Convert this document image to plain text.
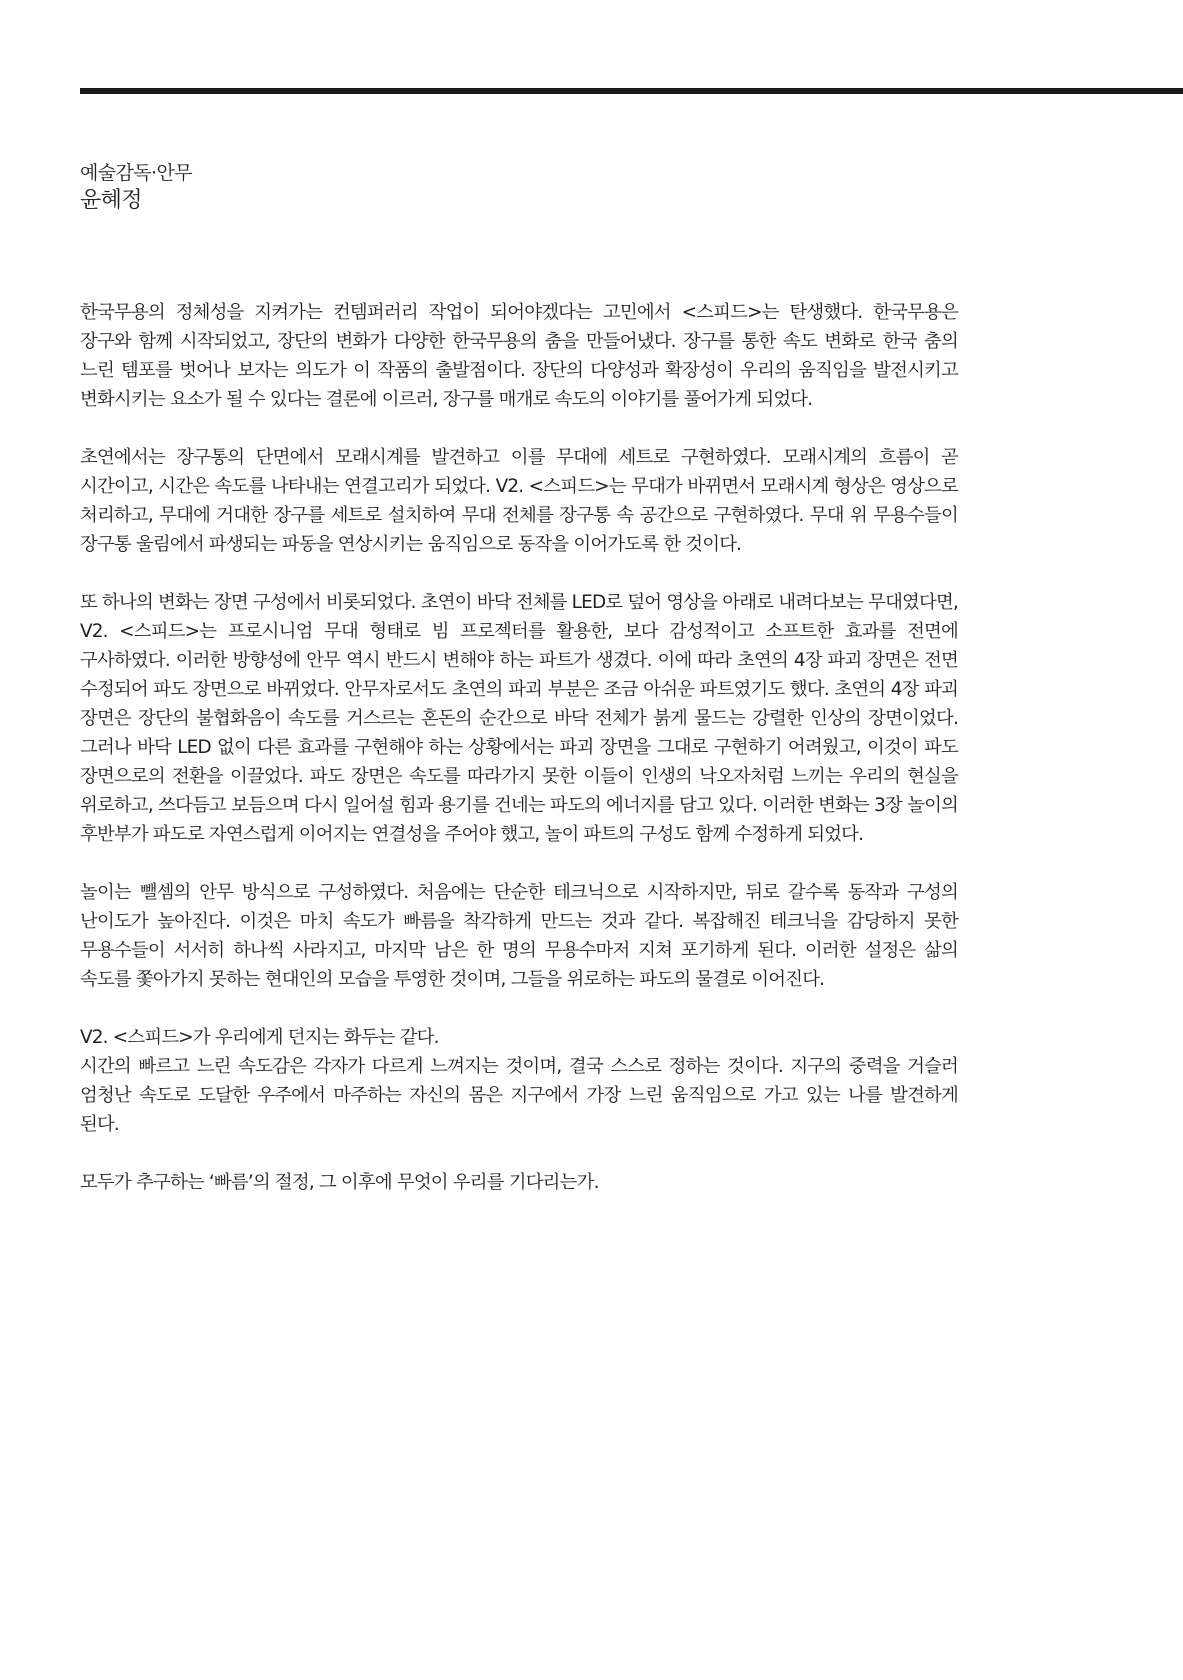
예술감독·안무
윤혜정

한국무용의 정체성을 지켜가는 컨템퍼러리 작업이 되어야겠다는 고민에서 <스피드>는 탄생했다. 한국무용은 장구와 함께 시작되었고, 장단의 변화가 다양한 한국무용의 춤을 만들어냈다. 장구를 통한 속도 변화로 한국 춤의 느린 템포를 벗어나 보자는 의도가 이 작품의 출발점이다. 장단의 다양성과 확장성이 우리의 움직임을 발전시키고 변화시키는 요소가 될 수 있다는 결론에 이르러, 장구를 매개로 속도의 이야기를 풀어가게 되었다.

초연에서는 장구통의 단면에서 모래시계를 발견하고 이를 무대에 세트로 구현하였다. 모래시계의 흐름이 곧 시간이고, 시간은 속도를 나타내는 연결고리가 되었다. V2. <스피드>는 무대가 바뀌면서 모래시계 형상은 영상으로 처리하고, 무대에 거대한 장구를 세트로 설치하여 무대 전체를 장구통 속 공간으로 구현하였다. 무대 위 무용수들이 장구통 울림에서 파생되는 파동을 연상시키는 움직임으로 동작을 이어가도록 한 것이다.

또 하나의 변화는 장면 구성에서 비롯되었다. 초연이 바닥 전체를 LED로 덮어 영상을 아래로 내려다보는 무대였다면, V2. <스피드>는 프로시니엄 무대 형태로 빔 프로젝터를 활용한, 보다 감성적이고 소프트한 효과를 전면에 구사하였다. 이러한 방향성에 안무 역시 반드시 변해야 하는 파트가 생겼다. 이에 따라 초연의 4장 파괴 장면은 전면 수정되어 파도 장면으로 바뀌었다. 안무자로서도 초연의 파괴 부분은 조금 아쉬운 파트였기도 했다. 초연의 4장 파괴 장면은 장단의 불협화음이 속도를 거스르는 혼돈의 순간으로 바닥 전체가 붉게 물드는 강렬한 인상의 장면이었다. 그러나 바닥 LED 없이 다른 효과를 구현해야 하는 상황에서는 파괴 장면을 그대로 구현하기 어려웠고, 이것이 파도 장면으로의 전환을 이끌었다. 파도 장면은 속도를 따라가지 못한 이들이 인생의 낙오자처럼 느끼는 우리의 현실을 위로하고, 쓰다듬고 보듬으며 다시 일어설 힘과 용기를 건네는 파도의 에너지를 담고 있다. 이러한 변화는 3장 놀이의 후반부가 파도로 자연스럽게 이어지는 연결성을 주어야 했고, 놀이 파트의 구성도 함께 수정하게 되었다.

놀이는 뺄셈의 안무 방식으로 구성하였다. 처음에는 단순한 테크닉으로 시작하지만, 뒤로 갈수록 동작과 구성의 난이도가 높아진다. 이것은 마치 속도가 빠름을 착각하게 만드는 것과 같다. 복잡해진 테크닉을 감당하지 못한 무용수들이 서서히 하나씩 사라지고, 마지막 남은 한 명의 무용수마저 지쳐 포기하게 된다. 이러한 설정은 삶의 속도를 쫓아가지 못하는 현대인의 모습을 투영한 것이며, 그들을 위로하는 파도의 물결로 이어진다.

V2. <스피드>가 우리에게 던지는 화두는 같다.
시간의 빠르고 느린 속도감은 각자가 다르게 느껴지는 것이며, 결국 스스로 정하는 것이다. 지구의 중력을 거슬러 엄청난 속도로 도달한 우주에서 마주하는 자신의 몸은 지구에서 가장 느린 움직임으로 가고 있는 나를 발견하게 된다.

모두가 추구하는 ‘빠름’의 절정, 그 이후에 무엇이 우리를 기다리는가.
